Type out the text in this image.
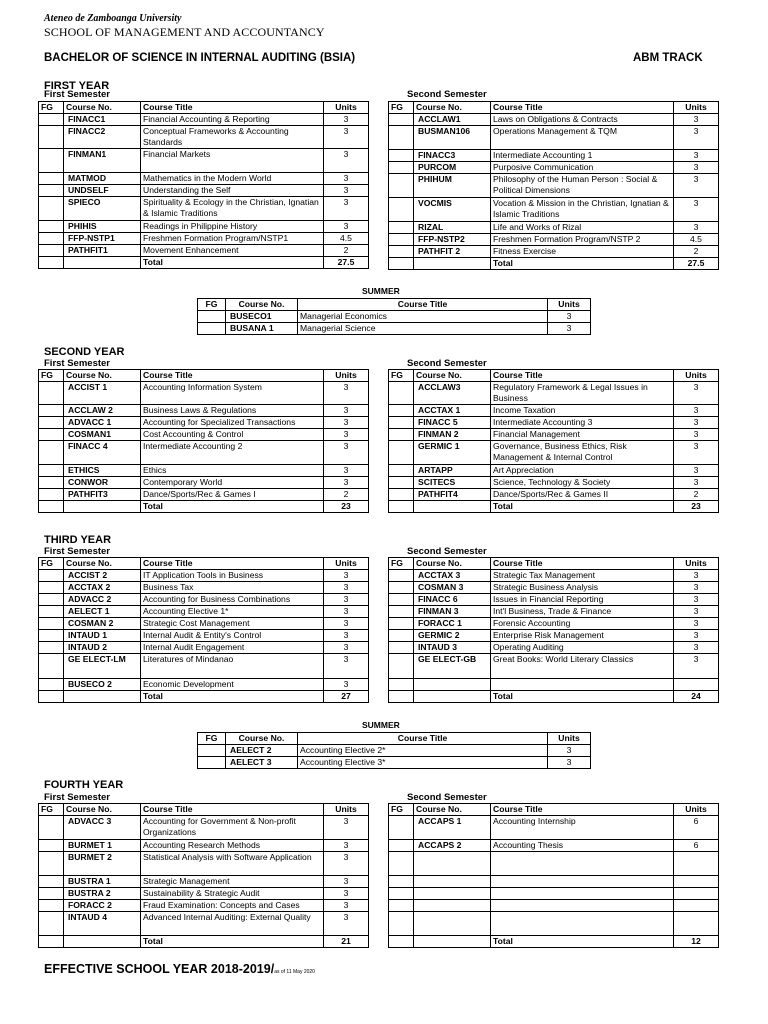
Ateneo de Zamboanga University
SCHOOL OF MANAGEMENT AND ACCOUNTANCY
BACHELOR OF SCIENCE IN INTERNAL AUDITING (BSIA)	ABM TRACK
FIRST YEAR
First Semester	Second Semester
FG	Course No.	Course Title	Units
	FINACC1	Financial Accounting & Reporting	3
	FINACC2	Conceptual Frameworks & Accounting Standards	3
	FINMAN1	Financial Markets	3
	MATMOD	Mathematics in the Modern World	3
	UNDSELF	Understanding the Self	3
	SPIECO	Spirituality & Ecology in the Christian, Ignatian & Islamic Traditions	3
	PHIHIS	Readings in Philippine History	3
	FFP-NSTP1	Freshmen Formation Program/NSTP1	4.5
	PATHFIT1	Movement Enhancement	2
		Total	27.5
FG	Course No.	Course Title	Units
	ACCLAW1	Laws on Obligations & Contracts	3
	BUSMAN106	Operations Management & TQM	3
	FINACC3	Intermediate Accounting 1	3
	PURCOM	Purposive Communication	3
	PHIHUM	Philosophy of the Human Person : Social & Political Dimensions	3
	VOCMIS	Vocation & Mission in the Christian, Ignatian & Islamic Traditions	3
	RIZAL	Life and Works of Rizal	3
	FFP-NSTP2	Freshmen Formation Program/NSTP 2	4.5
	PATHFIT 2	Fitness Exercise	2
		Total	27.5
SECOND YEAR
First Semester	Second Semester
FG	Course No.	Course Title	Units
	ACCIST 1	Accounting Information System	3
	ACCLAW 2	Business Laws & Regulations	3
	ADVACC 1	Accounting for Specialized Transactions	3
	COSMAN1	Cost Accounting & Control	3
	FINACC 4	Intermediate Accounting 2	3
	ETHICS	Ethics	3
	CONWOR	Contemporary World	3
	PATHFIT3	Dance/Sports/Rec & Games I	2
		Total	23
FG	Course No.	Course Title	Units
	ACCLAW3	Regulatory Framework & Legal Issues in Business	3
	ACCTAX 1	Income Taxation	3
	FINACC 5	Intermediate Accounting 3	3
	FINMAN 2	Financial Management	3
	GERMIC 1	Governance, Business Ethics, Risk Management & Internal Control	3
	ARTAPP	Art Appreciation	3
	SCITECS	Science, Technology & Society	3
	PATHFIT4	Dance/Sports/Rec & Games II	2
		Total	23
THIRD YEAR
First Semester	Second Semester
FG	Course No.	Course Title	Units
	ACCIST 2	IT Application Tools in Business	3
	ACCTAX 2	Business Tax	3
	ADVACC 2	Accounting for Business Combinations	3
	AELECT 1	Accounting Elective 1*	3
	COSMAN 2	Strategic Cost Management	3
	INTAUD 1	Internal Audit & Entity's Control	3
	INTAUD 2	Internal Audit Engagement	3
	GE ELECT-LM	Literatures of Mindanao	3
	BUSECO 2	Economic Development	3
		Total	27
FG	Course No.	Course Title	Units
	ACCTAX 3	Strategic Tax Management	3
	COSMAN 3	Strategic Business Analysis	3
	FINACC 6	Issues in Financial Reporting	3
	FINMAN 3	Int'l Business, Trade & Finance	3
	FORACC 1	Forensic Accounting	3
	GERMIC 2	Enterprise Risk Management	3
	INTAUD 3	Operating Auditing	3
	GE ELECT-GB	Great Books: World Literary Classics	3

		Total	24
FOURTH YEAR
First Semester	Second Semester
FG	Course No.	Course Title	Units
	ADVACC 3	Accounting for Government & Non-profit Organizations	3
	BURMET 1	Accounting Research Methods	3
	BURMET 2	Statistical Analysis with Software Application	3
	BUSTRA 1	Strategic Management	3
	BUSTRA 2	Sustainability & Strategic Audit	3
	FORACC 2	Fraud Examination: Concepts and Cases	3
	INTAUD 4	Advanced Internal Auditing: External Quality	3
		Total	21
FG	Course No.	Course Title	Units
	ACCAPS 1	Accounting Internship	6
	ACCAPS 2	Accounting Thesis	6

		Total	12
SUMMER
FG	Course No.	Course Title	Units
	BUSECO1	Managerial Economics	3
	BUSANA 1	Managerial Science	3
SUMMER
FG	Course No.	Course Title	Units
	AELECT 2	Accounting Elective 2*	3
	AELECT 3	Accounting Elective 3*	3
EFFECTIVE SCHOOL YEAR 2018-2019/as of 11 May 2020
